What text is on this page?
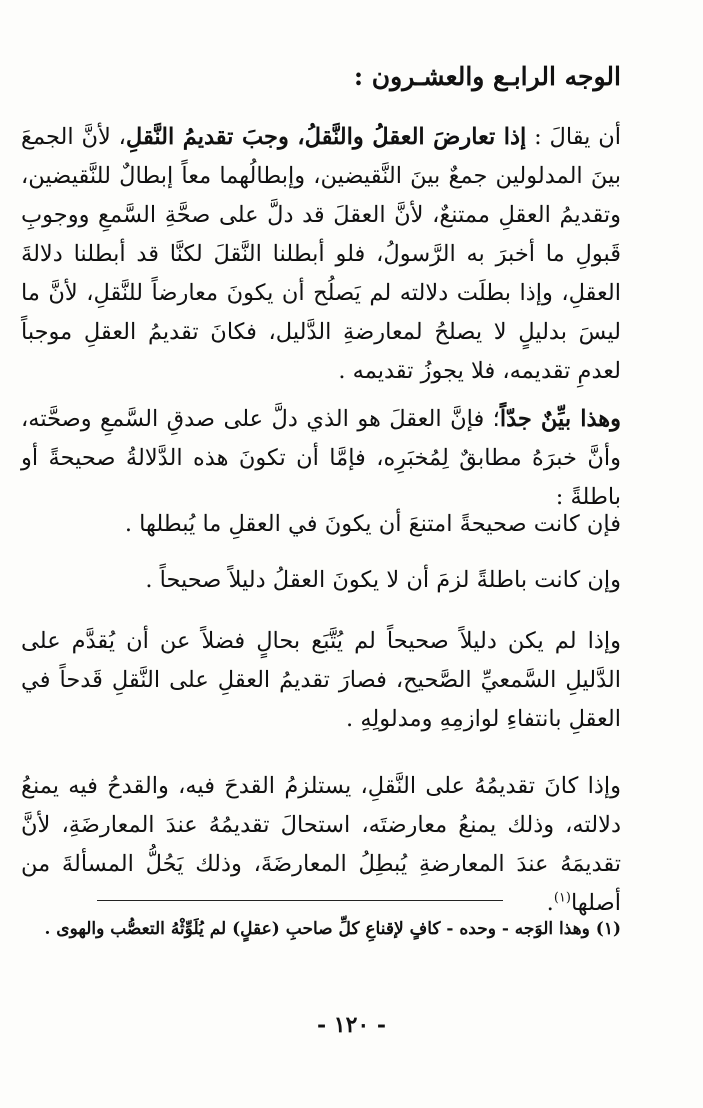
الوجه الرابـع والعشـرون :
أن يقالَ : إذا تعارضَ العقلُ والنَّقلُ، وجبَ تقديمُ النَّقلِ، لأنَّ الجمعَ بينَ المدلولين جمعٌ بينَ النَّقيضين، وإبطالُهما معاً إبطالٌ للنَّقيضين، وتقديمُ العقلِ ممتنعٌ، لأنَّ العقلَ قد دلَّ على صحَّةِ السَّمعِ ووجوبِ قَبولِ ما أخبرَ به الرَّسولُ، فلو أبطلنا النَّقلَ لكنَّا قد أبطلنا دلالةَ العقلِ، وإذا بطلَت دلالته لم يَصلُح أن يكونَ معارضاً للنَّقلِ، لأنَّ ما ليسَ بدليلٍ لا يصلحُ لمعارضةِ الدَّليل، فكانَ تقديمُ العقلِ موجباً لعدمِ تقديمه، فلا يجوزُ تقديمه .
وهذا بيِّنٌ جدّاً؛ فإنَّ العقلَ هو الذي دلَّ على صدقِ السَّمعِ وصحَّته، وأنَّ خبرَهُ مطابقٌ لِمُخبَرِه، فإمَّا أن تكونَ هذه الدَّلالةُ صحيحةً أو باطلةً :
فإن كانت صحيحةً امتنعَ أن يكونَ في العقلِ ما يُبطلها .
وإن كانت باطلةً لزمَ أن لا يكونَ العقلُ دليلاً صحيحاً .
وإذا لم يكن دليلاً صحيحاً لم يُتَّبَع بحالٍ فضلاً عن أن يُقدَّم على الدَّليلِ السَّمعيِّ الصَّحيح، فصارَ تقديمُ العقلِ على النَّقلِ قَدحاً في العقلِ بانتفاءِ لوازمِهِ ومدلولِهِ .
وإذا كانَ تقديمُهُ على النَّقلِ، يستلزمُ القدحَ فيه، والقدحُ فيه يمنعُ دلالته، وذلك يمنعُ معارضتَه، استحالَ تقديمُهُ عندَ المعارضَةِ، لأنَّ تقديمَهُ عندَ المعارضةِ يُبطِلُ المعارضَةَ، وذلك يَحُلُّ المسألةَ من أصلها$^{(١)}$.
(١) وهذا الوَجه - وحده - كافٍ لإقناعِ كلِّ صاحبِ (عقلٍ) لم يُلَوِّثْهُ التعصُّب والهوى .
- ١٢٠ -
